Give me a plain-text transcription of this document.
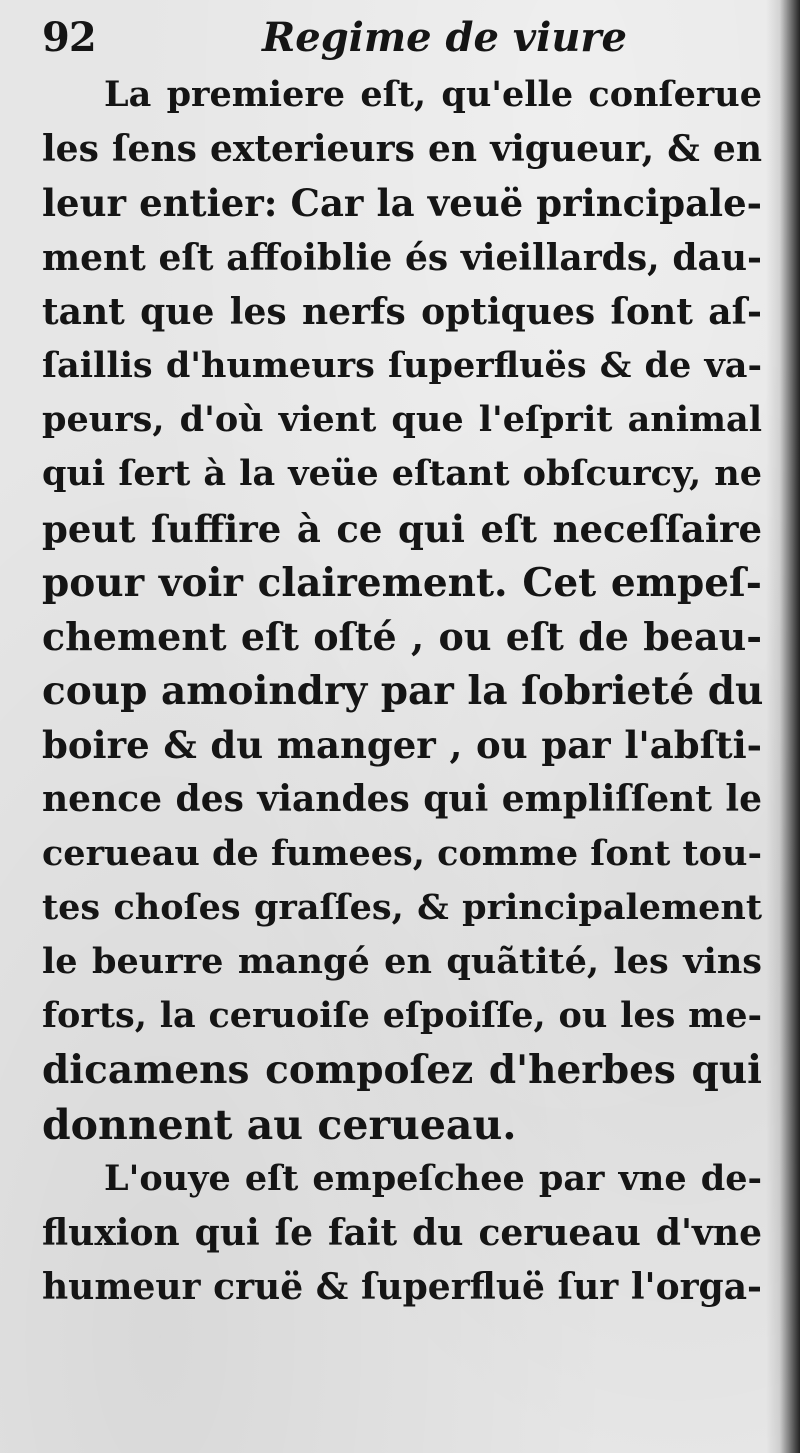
92	Regime de viure
La premiere eſt, qu'elle conſerue
les ſens exterieurs en vigueur, & en
leur entier: Car la veuë principale-
ment eſt affoiblie és vieillards, dau-
tant que les nerfs optiques ſont aſ-
ſaillis d'humeurs ſuperfluës & de va-
peurs, d'où vient que l'eſprit animal
qui ſert à la veüe eſtant obſcurcy, ne
peut ſuffire à ce qui eſt neceſſaire
pour voir clairement. Cet empeſ-
chement eſt oſté , ou eſt de beau-
coup amoindry par la ſobrieté du
boire & du manger , ou par l'abſti-
nence des viandes qui empliſſent le
cerueau de fumees, comme ſont tou-
tes choſes graſſes, & principalement
le beurre mangé en quãtité, les vins
forts, la ceruoiſe eſpoiſſe, ou les me-
dicamens compoſez d'herbes qui
donnent au cerueau.
L'ouye eſt empeſchee par vne de-
fluxion qui ſe fait du cerueau d'vne
humeur cruë & ſuperfluë ſur l'orga-
